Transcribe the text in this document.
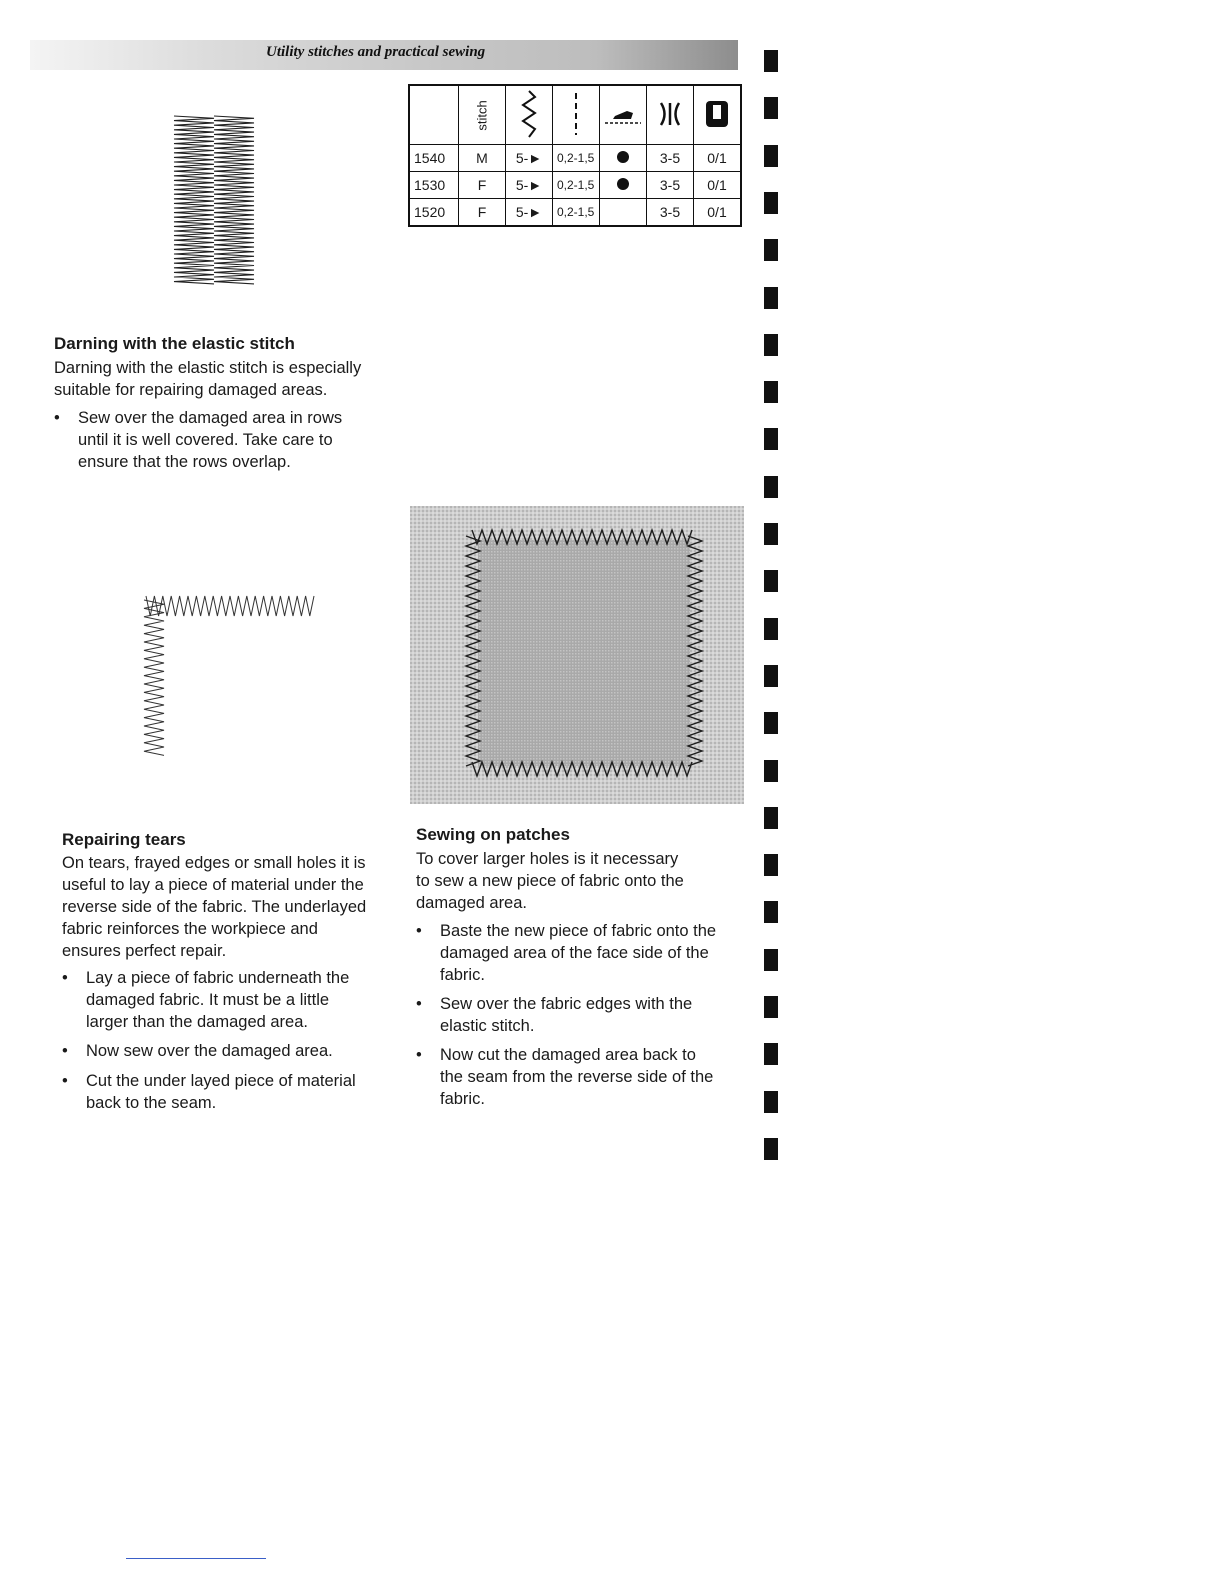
Utility stitches and practical sewing
	stitch					
1540	M	5-►	0,2-1,5		3-5	0/1
1530	F	5-►	0,2-1,5		3-5	0/1
1520	F	5-►	0,2-1,5		3-5	0/1
Darning with the elastic stitch
Darning with the elastic stitch is especially
suitable for repairing damaged areas.
• Sew over the damaged area in rows
until it is well covered. Take care to
ensure that the rows overlap.
Repairing tears
On tears, frayed edges or small holes it is
useful to lay a piece of material under the
reverse side of the fabric. The underlayed
fabric reinforces the workpiece and
ensures perfect repair.
• Lay a piece of fabric underneath the
damaged fabric. It must be a little
larger than the damaged area.
• Now sew over the damaged area.
• Cut the under layed piece of material
back to the seam.
Sewing on patches
To cover larger holes is it necessary
to sew a new piece of fabric onto the
damaged area.
• Baste the new piece of fabric onto the
damaged area of the face side of the
fabric.
• Sew over the fabric edges with the
elastic stitch.
• Now cut the damaged area back to
the seam from the reverse side of the
fabric.
